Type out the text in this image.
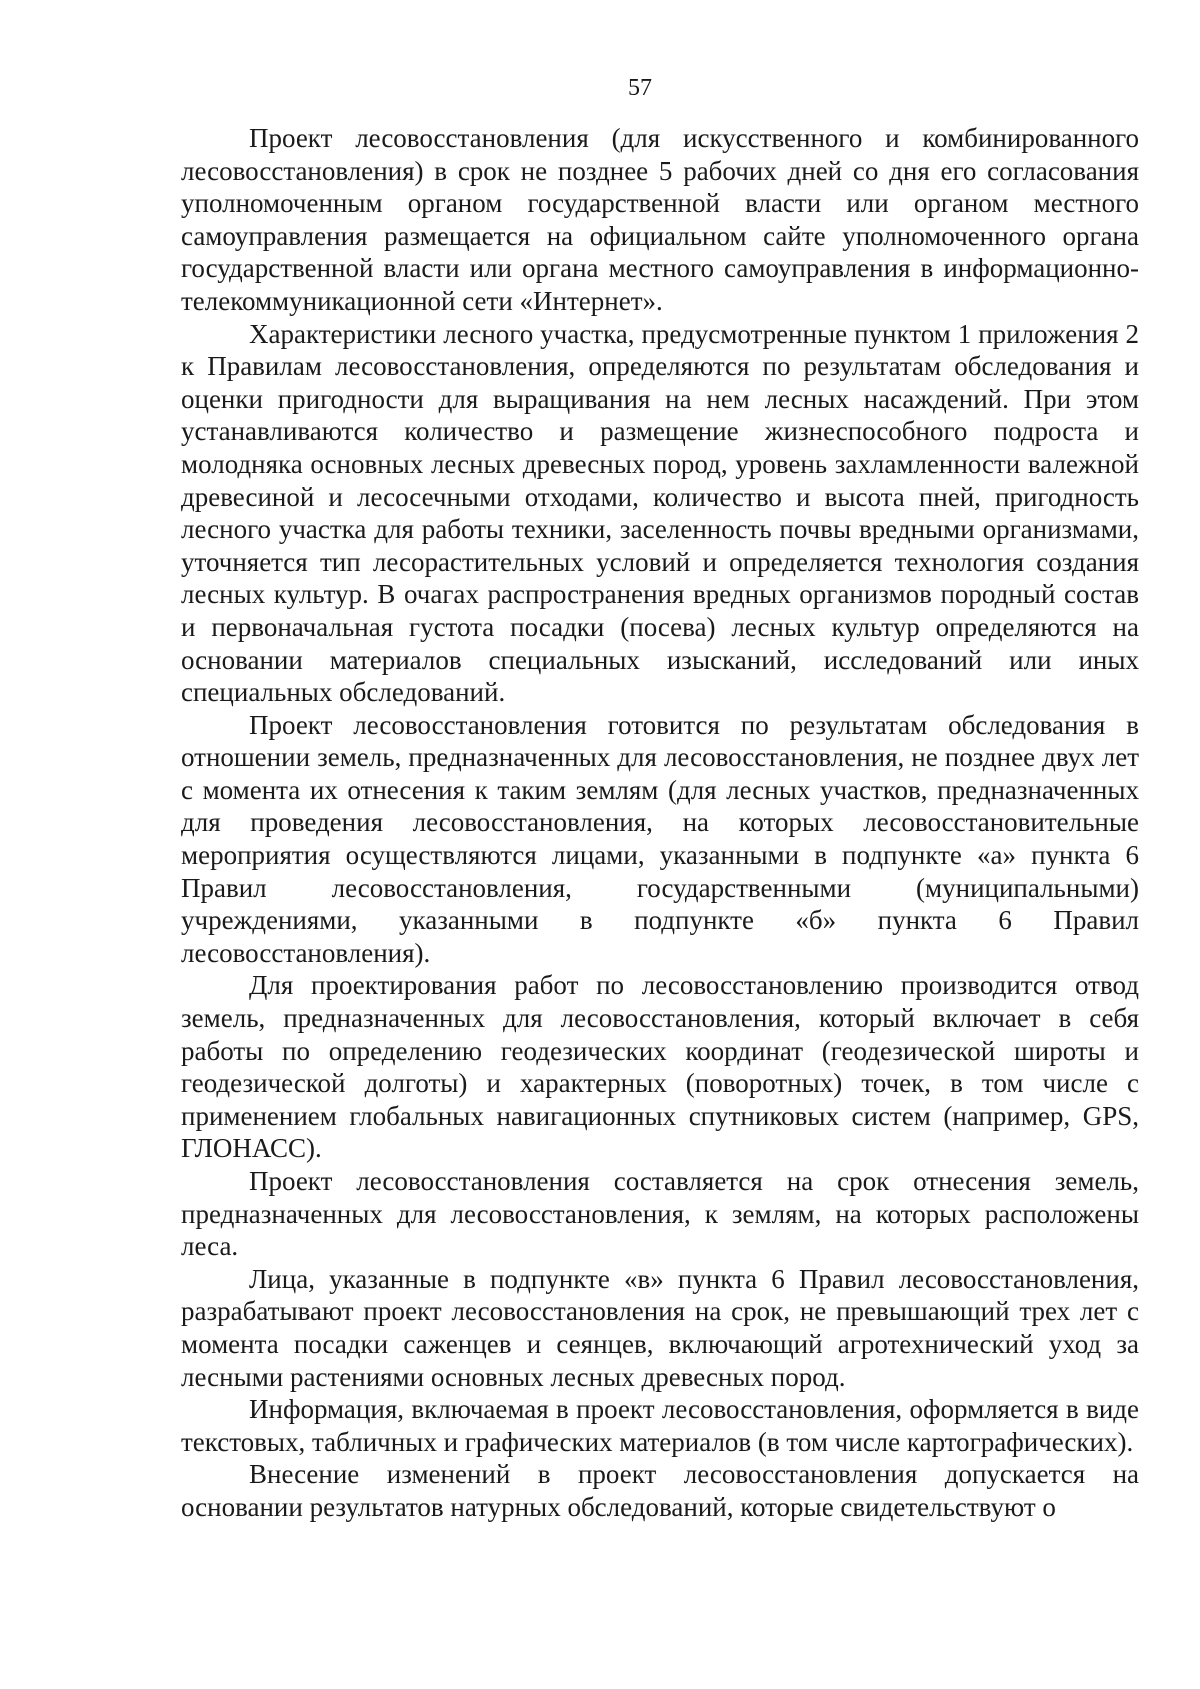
57

Проект лесовосстановления (для искусственного и комбинированного лесовосстановления) в срок не позднее 5 рабочих дней со дня его согласования уполномоченным органом государственной власти или органом местного самоуправления размещается на официальном сайте уполномоченного органа государственной власти или органа местного самоуправления в информационно-телекоммуникационной сети «Интернет».

Характеристики лесного участка, предусмотренные пунктом 1 приложения 2 к Правилам лесовосстановления, определяются по результатам обследования и оценки пригодности для выращивания на нем лесных насаждений. При этом устанавливаются количество и размещение жизнеспособного подроста и молодняка основных лесных древесных пород, уровень захламленности валежной древесиной и лесосечными отходами, количество и высота пней, пригодность лесного участка для работы техники, заселенность почвы вредными организмами, уточняется тип лесорастительных условий и определяется технология создания лесных культур. В очагах распространения вредных организмов породный состав и первоначальная густота посадки (посева) лесных культур определяются на основании материалов специальных изысканий, исследований или иных специальных обследований.

Проект лесовосстановления готовится по результатам обследования в отношении земель, предназначенных для лесовосстановления, не позднее двух лет с момента их отнесения к таким землям (для лесных участков, предназначенных для проведения лесовосстановления, на которых лесовосстановительные мероприятия осуществляются лицами, указанными в подпункте «а» пункта 6 Правил лесовосстановления, государственными (муниципальными) учреждениями, указанными в подпункте «б» пункта 6 Правил лесовосстановления).

Для проектирования работ по лесовосстановлению производится отвод земель, предназначенных для лесовосстановления, который включает в себя работы по определению геодезических координат (геодезической широты и геодезической долготы) и характерных (поворотных) точек, в том числе с применением глобальных навигационных спутниковых систем (например, GPS, ГЛОНАСС).

Проект лесовосстановления составляется на срок отнесения земель, предназначенных для лесовосстановления, к землям, на которых расположены леса.

Лица, указанные в подпункте «в» пункта 6 Правил лесовосстановления, разрабатывают проект лесовосстановления на срок, не превышающий трех лет с момента посадки саженцев и сеянцев, включающий агротехнический уход за лесными растениями основных лесных древесных пород.

Информация, включаемая в проект лесовосстановления, оформляется в виде текстовых, табличных и графических материалов (в том числе картографических).

Внесение изменений в проект лесовосстановления допускается на основании результатов натурных обследований, которые свидетельствуют о
